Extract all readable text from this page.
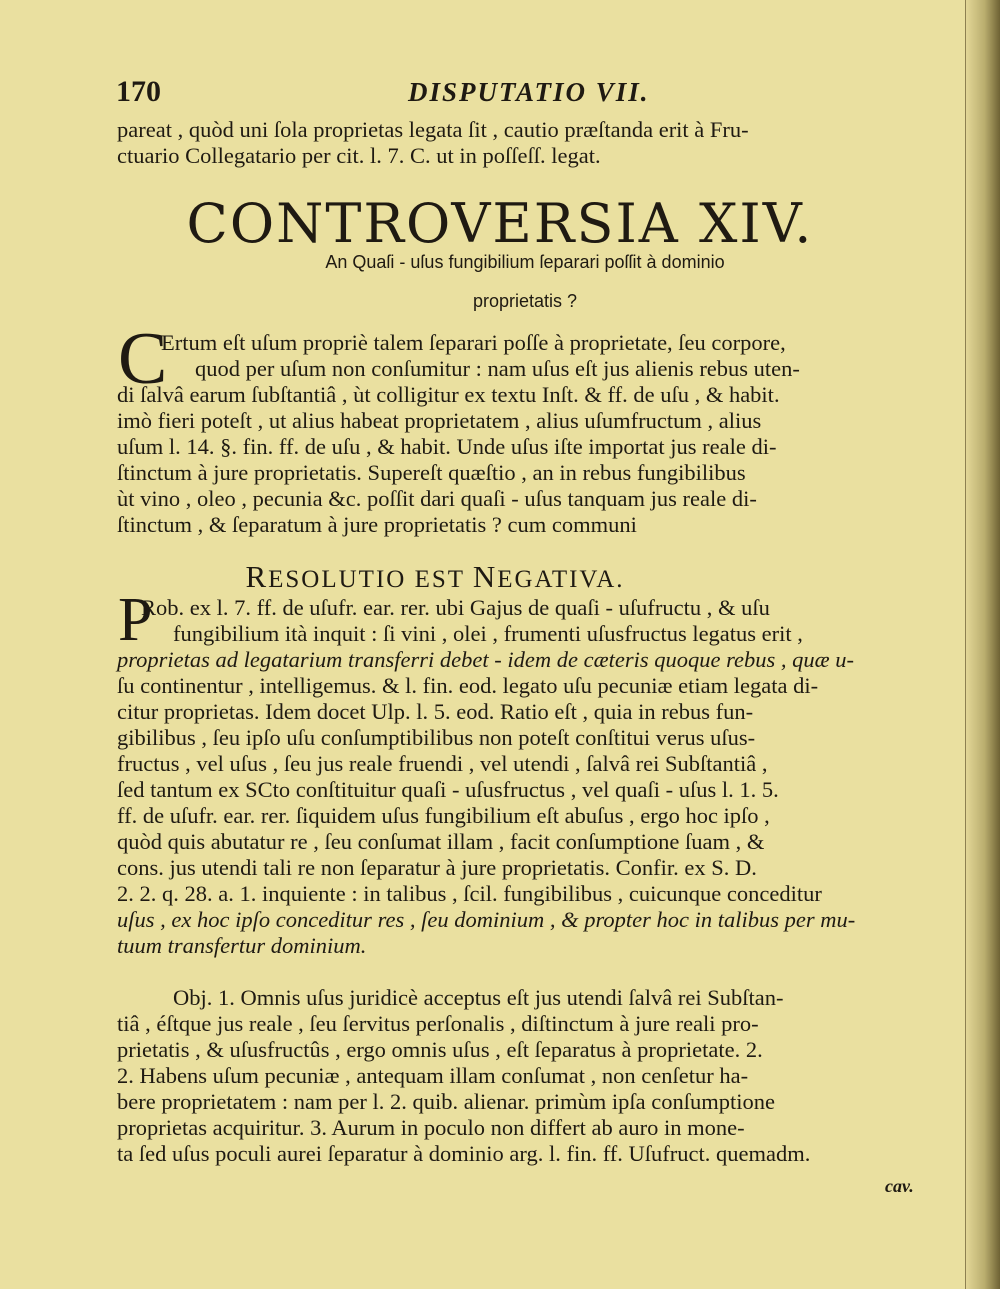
170	DISPUTATIO VII.
pareat , quòd uni ſola proprietas legata ſit , cautio præſtanda erit à Fru-
ctuario Collegatario per cit. l. 7. C. ut in poſſeſſ. legat.
CONTROVERSIA XIV.
An Quaſi - uſus fungibilium ſeparari poſſit à dominio
proprietatis ?
C
Ertum eſt uſum propriè talem ſeparari poſſe à proprietate, ſeu corpore,
quod per uſum non conſumitur : nam uſus eſt jus alienis rebus uten-
di ſalvâ earum ſubſtantiâ , ùt colligitur ex textu Inſt. & ff. de uſu , & habit.
imò fieri poteſt , ut alius habeat proprietatem , alius uſumfructum , alius
uſum l. 14. §. fin. ff. de uſu , & habit. Unde uſus iſte importat jus reale di-
ſtinctum à jure proprietatis. Supereſt quæſtio , an in rebus fungibilibus
ùt vino , oleo , pecunia &c. poſſit dari quaſi - uſus tanquam jus reale di-
ſtinctum , & ſeparatum à jure proprietatis ? cum communi
RESOLUTIO EST NEGATIVA.
P
Rob. ex l. 7. ff. de uſufr. ear. rer. ubi Gajus de quaſi - uſufructu , & uſu
fungibilium ità inquit : ſi vini , olei , frumenti uſusfructus legatus erit ,
proprietas ad legatarium transferri debet - idem de cæteris quoque rebus , quæ u-
ſu continentur , intelligemus. & l. fin. eod. legato uſu pecuniæ etiam legata di-
citur proprietas. Idem docet Ulp. l. 5. eod. Ratio eſt , quia in rebus fun-
gibilibus , ſeu ipſo uſu conſumptibilibus non poteſt conſtitui verus uſus-
fructus , vel uſus , ſeu jus reale fruendi , vel utendi , ſalvâ rei Subſtantiâ ,
ſed tantum ex SCto conſtituitur quaſi - uſusfructus , vel quaſi - uſus l. 1. 5.
ff. de uſufr. ear. rer. ſiquidem uſus fungibilium eſt abuſus , ergo hoc ipſo ,
quòd quis abutatur re , ſeu conſumat illam , facit conſumptione ſuam , &
cons. jus utendi tali re non ſeparatur à jure proprietatis. Confir. ex S. D.
2. 2. q. 28. a. 1. inquiente : in talibus , ſcil. fungibilibus , cuicunque conceditur
uſus , ex hoc ipſo conceditur res , ſeu dominium , & propter hoc in talibus per mu-
tuum transfertur dominium.
Obj. 1. Omnis uſus juridicè acceptus eſt jus utendi ſalvâ rei Subſtan-
tiâ , éſtque jus reale , ſeu ſervitus perſonalis , diſtinctum à jure reali pro-
prietatis , & uſusfructûs , ergo omnis uſus , eſt ſeparatus à proprietate. 2.
2. Habens uſum pecuniæ , antequam illam conſumat , non cenſetur ha-
bere proprietatem : nam per l. 2. quib. alienar. primùm ipſa conſumptione
proprietas acquiritur. 3. Aurum in poculo non differt ab auro in mone-
ta ſed uſus poculi aurei ſeparatur à dominio arg. l. fin. ff. Uſufruct. quemadm.
cav.
